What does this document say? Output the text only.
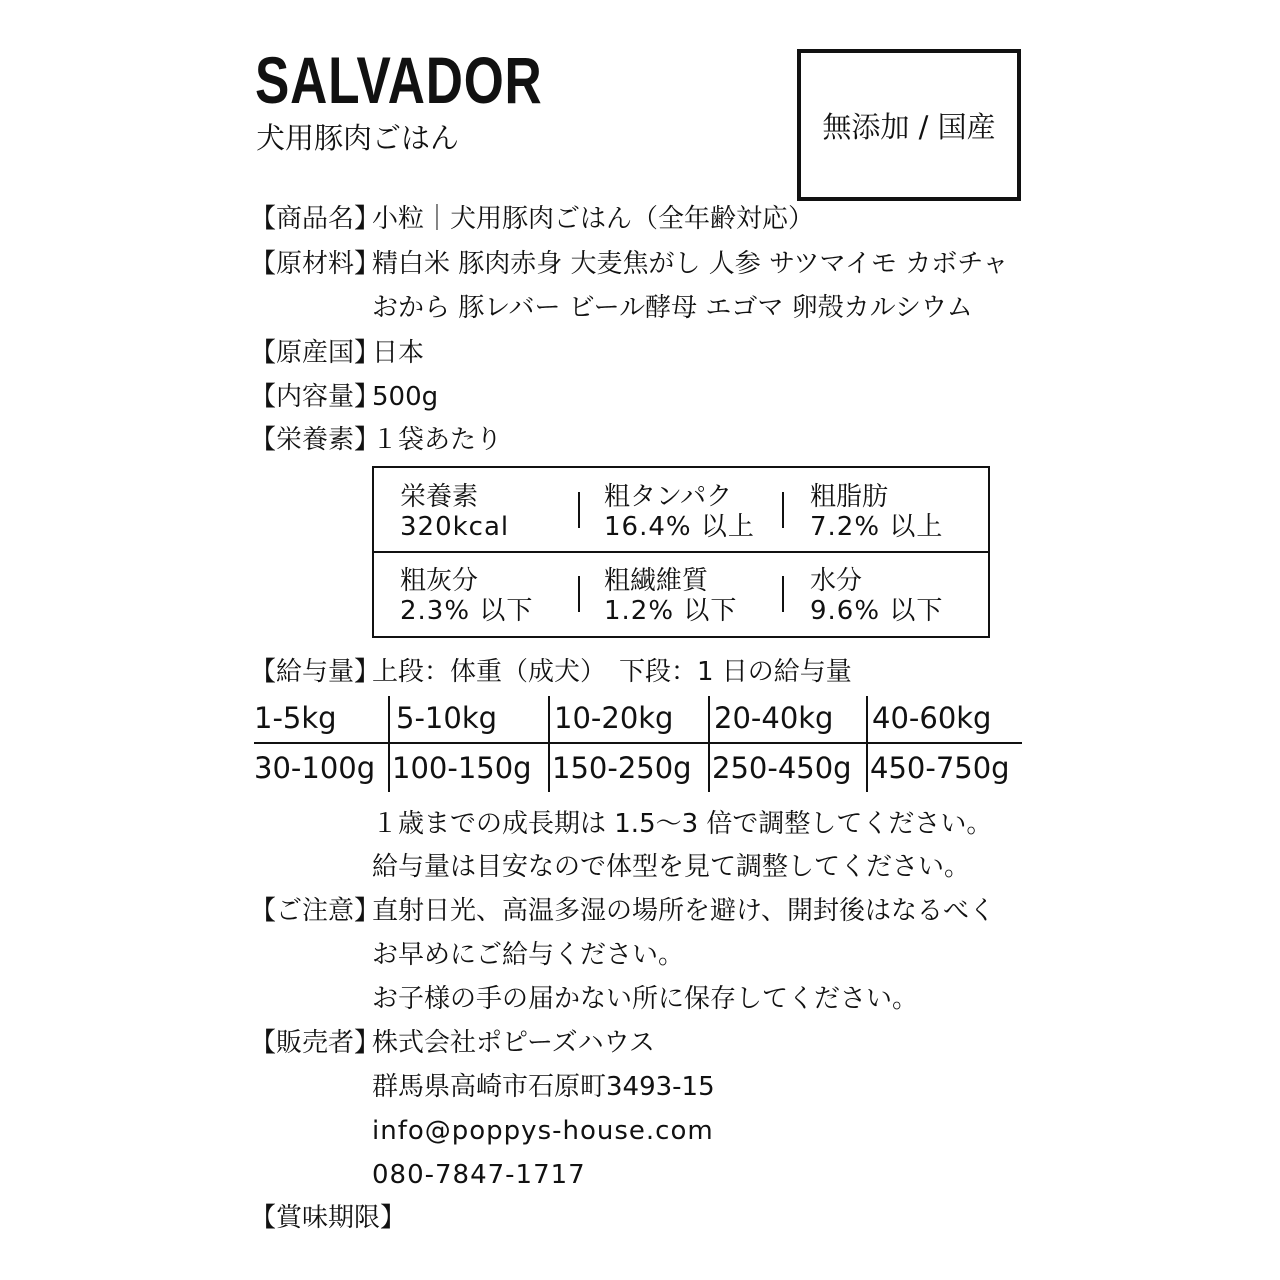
SALVADOR
犬用豚肉ごはん	無添加 / 国産
【商品名】小粒｜犬用豚肉ごはん（全年齢対応）
【原材料】精白米 豚肉赤身 大麦焦がし 人参 サツマイモ カボチャ
おから 豚レバー ビール酵母 エゴマ 卵殻カルシウム
【原産国】日本
【内容量】500g
【栄養素】１袋あたり
栄養素
320kcal
粗タンパク
16.4% 以上
粗脂肪
7.2% 以上
粗灰分
2.3% 以下
粗繊維質
1.2% 以下
水分
9.6% 以下
【給与量】上段：体重（成犬）　下段：1 日の給与量
1-5kg 5-10kg 10-20kg 20-40kg 40-60kg
30-100g 100-150g 150-250g 250-450g 450-750g
１歳までの成長期は 1.5〜3 倍で調整してください。
給与量は目安なので体型を見て調整してください。
【ご注意】直射日光、高温多湿の場所を避け、開封後はなるべく
お早めにご給与ください。
お子様の手の届かない所に保存してください。
【販売者】株式会社ポピーズハウス
群馬県高崎市石原町3493-15
info@poppys-house.com
080-7847-1717
【賞味期限】
